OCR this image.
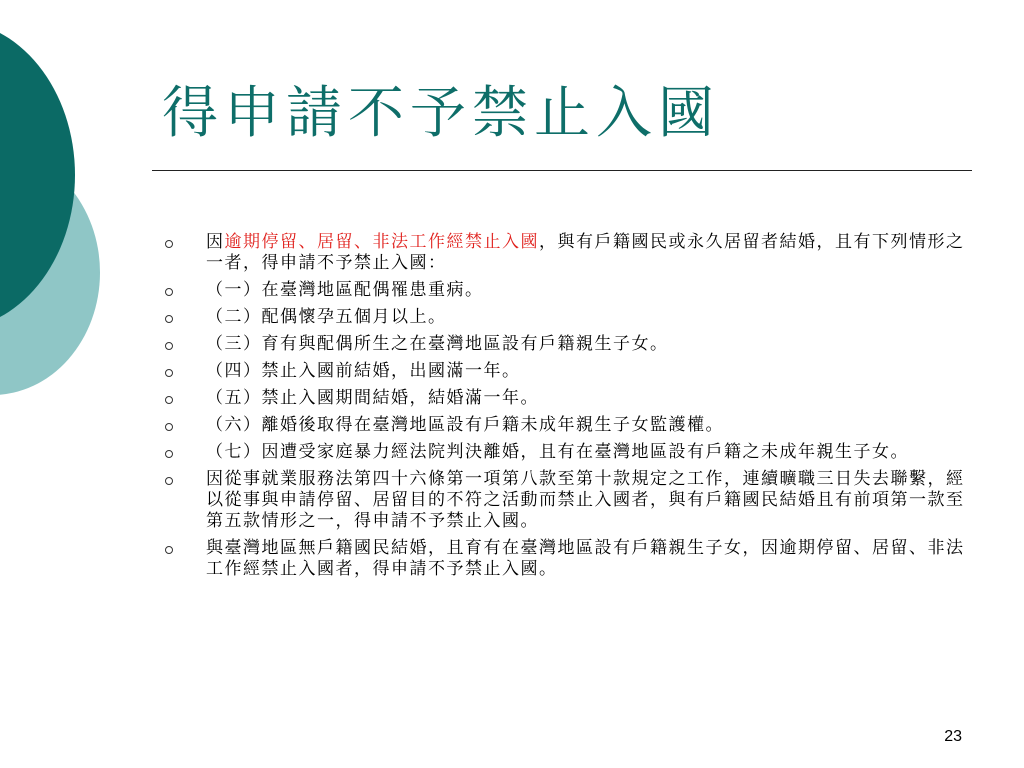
得申請不予禁止入國
因逾期停留、居留、非法工作經禁止入國，與有戶籍國民或永久居留者結婚，且有下列情形之一者，得申請不予禁止入國：
（一）在臺灣地區配偶罹患重病。
（二）配偶懷孕五個月以上。
（三）育有與配偶所生之在臺灣地區設有戶籍親生子女。
（四）禁止入國前結婚，出國滿一年。
（五）禁止入國期間結婚，結婚滿一年。
（六）離婚後取得在臺灣地區設有戶籍未成年親生子女監護權。
（七）因遭受家庭暴力經法院判決離婚，且有在臺灣地區設有戶籍之未成年親生子女。
因從事就業服務法第四十六條第一項第八款至第十款規定之工作，連續曠職三日失去聯繫，經以從事與申請停留、居留目的不符之活動而禁止入國者，與有戶籍國民結婚且有前項第一款至第五款情形之一，得申請不予禁止入國。
與臺灣地區無戶籍國民結婚，且育有在臺灣地區設有戶籍親生子女，因逾期停留、居留、非法工作經禁止入國者，得申請不予禁止入國。
23
